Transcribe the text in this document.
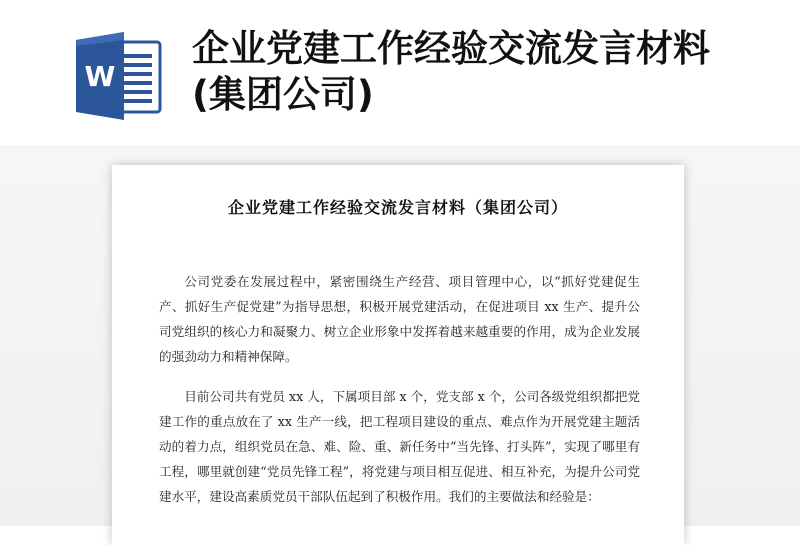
W
企业党建工作经验交流发言材料
(集团公司)
企业党建工作经验交流发言材料（集团公司）

公司党委在发展过程中，紧密围绕生产经营、项目管理中心，以“抓好党建促生产、抓好生产促党建”为指导思想，积极开展党建活动，在促进项目 xx 生产、提升公司党组织的核心力和凝聚力、树立企业形象中发挥着越来越重要的作用，成为企业发展的强劲动力和精神保障。

目前公司共有党员 xx 人，下属项目部 x 个，党支部 x 个，公司各级党组织都把党建工作的重点放在了 xx 生产一线，把工程项目建设的重点、难点作为开展党建主题活动的着力点，组织党员在急、难、险、重、新任务中“当先锋、打头阵”，实现了哪里有工程，哪里就创建“党员先锋工程”，将党建与项目相互促进、相互补充，为提升公司党建水平，建设高素质党员干部队伍起到了积极作用。我们的主要做法和经验是：
